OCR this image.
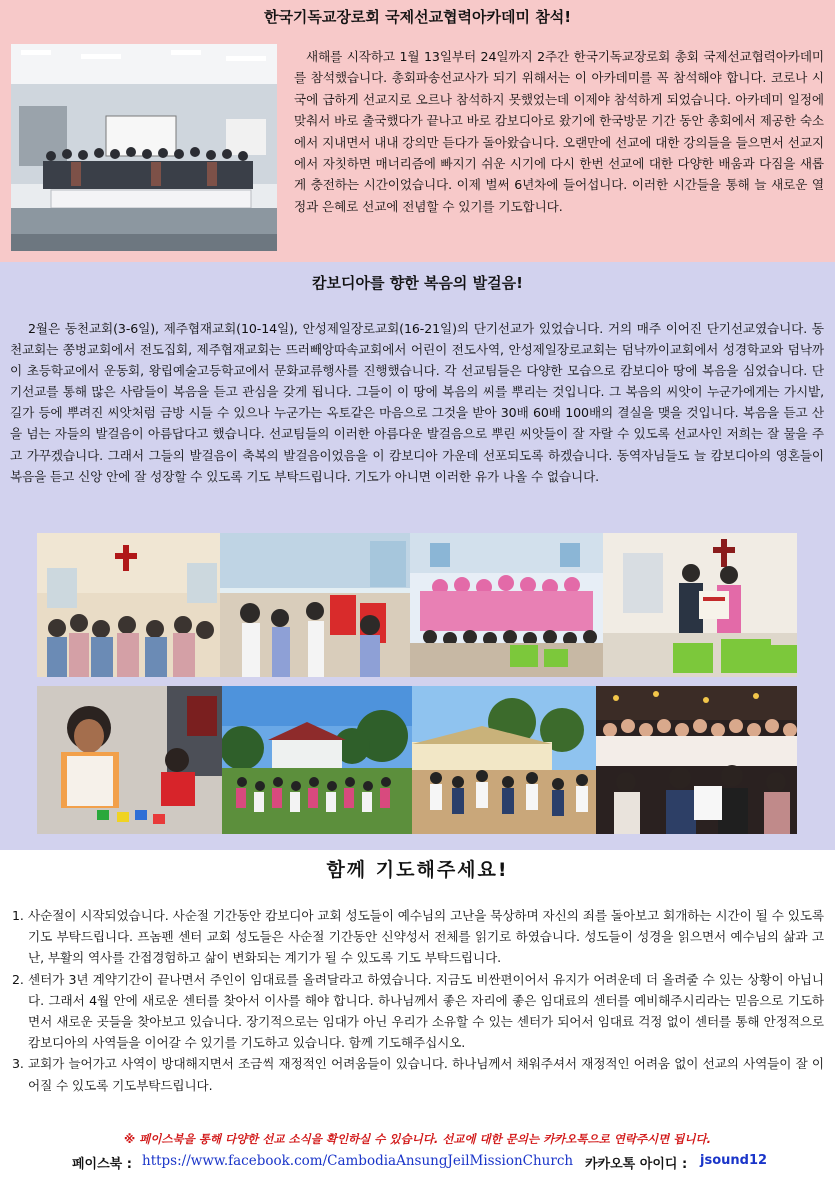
한국기독교장로회 국제선교협력아카데미 참석!
새해를 시작하고 1월 13일부터 24일까지 2주간 한국기독교장로회 총회 국제선교협력아카데미를 참석했습니다. 총회파송선교사가 되기 위해서는 이 아카데미를 꼭 참석해야 합니다. 코로나 시국에 급하게 선교지로 오르나 참석하지 못했었는데 이제야 참석하게 되었습니다. 아카데미 일정에 맞춰서 바로 출국했다가 끝나고 바로 캄보디아로 왔기에 한국방문 기간 동안 총회에서 제공한 숙소에서 지내면서 내내 강의만 듣다가 돌아왔습니다. 오랜만에 선교에 대한 강의들을 들으면서 선교지에서 자칫하면 매너리즘에 빠지기 쉬운 시기에 다시 한번 선교에 대한 다양한 배움과 다짐을 새롭게 충전하는 시간이었습니다. 이제 벌써 6년차에 들어섭니다. 이러한 시간들을 통해 늘 새로운 열정과 은혜로 선교에 전념할 수 있기를 기도합니다.
캄보디아를 향한 복음의 발걸음!
2월은 동천교회(3-6일), 제주협재교회(10-14일), 안성제일장로교회(16-21일)의 단기선교가 있었습니다. 거의 매주 이어진 단기선교였습니다. 동천교회는 쫑벙교회에서 전도집회, 제주협재교회는 뜨러빼앙따속교회에서 어린이 전도사역, 안성제일장로교회는 덤낙까이교회에서 성경학교와 덤낙까이 초등학교에서 운동회, 왕립예술고등학교에서 문화교류행사를 진행했습니다. 각 선교팀들은 다양한 모습으로 캄보디아 땅에 복음을 심었습니다. 단기선교를 통해 많은 사람들이 복음을 듣고 관심을 갖게 됩니다. 그들이 이 땅에 복음의 씨를 뿌리는 것입니다. 그 복음의 씨앗이 누군가에게는 가시밭, 길가 등에 뿌려진 씨앗처럼 금방 시들 수 있으나 누군가는 옥토같은 마음으로 그것을 받아 30배 60배 100배의 결실을 맺을 것입니다. 복음을 듣고 산을 넘는 자들의 발걸음이 아름답다고 했습니다. 선교팀들의 이러한 아름다운 발걸음으로 뿌린 씨앗들이 잘 자랄 수 있도록 선교사인 저희는 잘 물을 주고 가꾸겠습니다. 그래서 그들의 발걸음이 축복의 발걸음이었음을 이 캄보디아 가운데 선포되도록 하겠습니다. 동역자님들도 늘 캄보디아의 영혼들이 복음을 듣고 신앙 안에 잘 성장할 수 있도록 기도 부탁드립니다. 기도가 아니면 이러한 유가 나올 수 없습니다.
함께 기도해주세요!
1. 사순절이 시작되었습니다. 사순절 기간동안 캄보디아 교회 성도들이 예수님의 고난을 묵상하며 자신의 죄를 돌아보고 회개하는 시간이 될 수 있도록 기도 부탁드립니다. 프놈펜 센터 교회 성도들은 사순절 기간동안 신약성서 전체를 읽기로 하였습니다. 성도들이 성경을 읽으면서 예수님의 삶과 고난, 부활의 역사를 간접경험하고 삶이 변화되는 계기가 될 수 있도록 기도 부탁드립니다.
2. 센터가 3년 계약기간이 끝나면서 주인이 임대료를 올려달라고 하였습니다. 지금도 비싼편이어서 유지가 어려운데 더 올려줄 수 있는 상황이 아닙니다. 그래서 4월 안에 새로운 센터를 찾아서 이사를 해야 합니다. 하나님께서 좋은 자리에 좋은 임대료의 센터를 예비해주시리라는 믿음으로 기도하면서 새로운 곳들을 찾아보고 있습니다. 장기적으로는 임대가 아닌 우리가 소유할 수 있는 센터가 되어서 임대료 걱정 없이 센터를 통해 안정적으로 캄보디아의 사역들을 이어갈 수 있기를 기도하고 있습니다. 함께 기도해주십시오.
3. 교회가 늘어가고 사역이 방대해지면서 조금씩 재정적인 어려움들이 있습니다. 하나님께서 채워주셔서 재정적인 어려움 없이 선교의 사역들이 잘 이어질 수 있도록 기도부탁드립니다.
※ 페이스북을 통해 다양한 선교 소식을 확인하실 수 있습니다. 선교에 대한 문의는 카카오톡으로 연락주시면 됩니다.
페이스북 : https://www.facebook.com/CambodiaAnsungJeilMissionChurch 카카오톡 아이디 : jsound12
